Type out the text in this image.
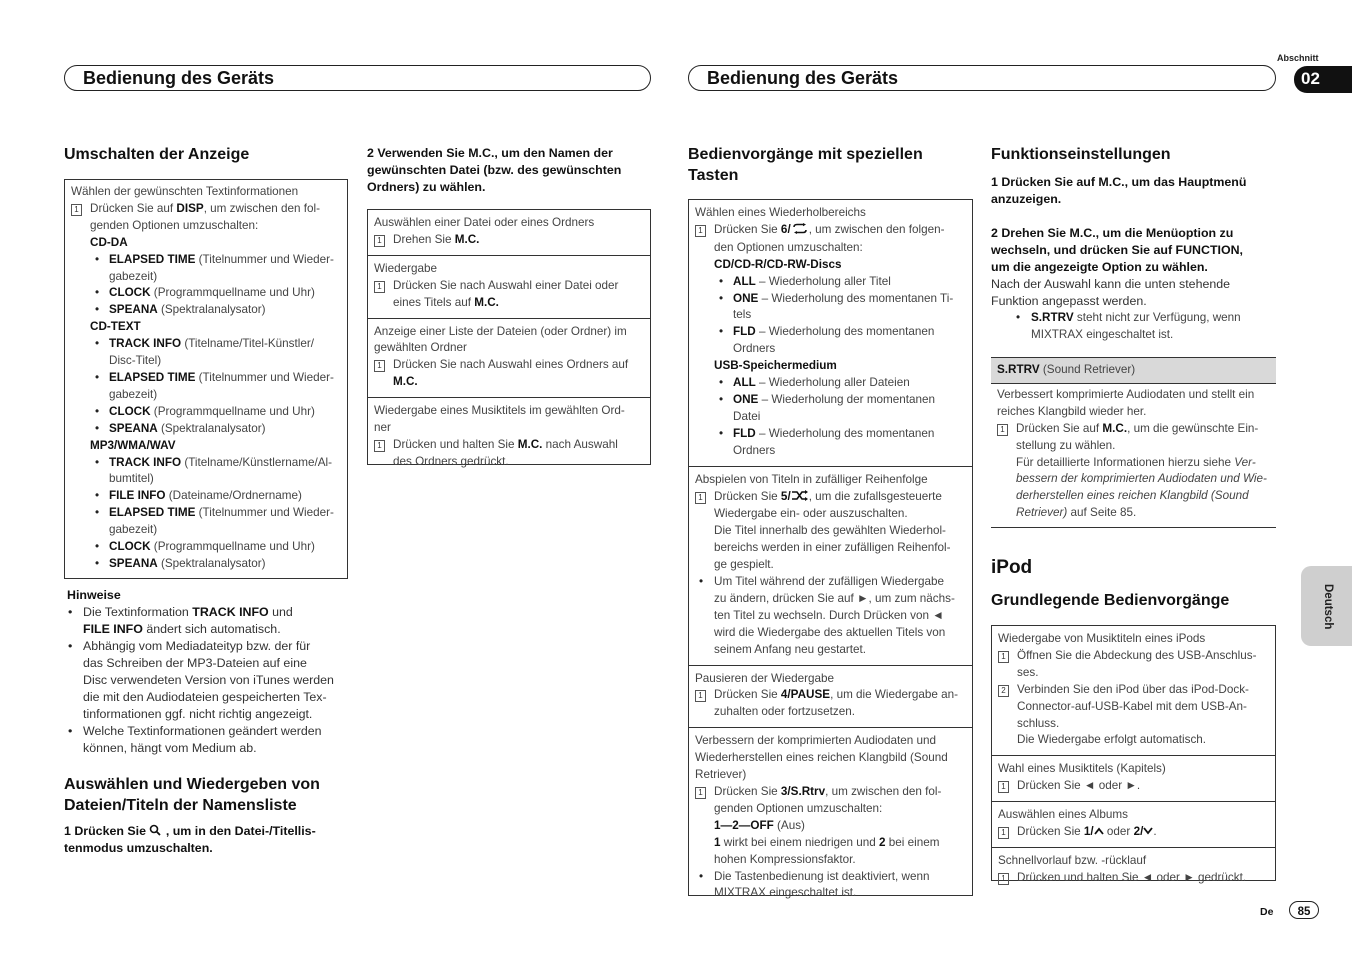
Bedienung des Geräts	Bedienung des Geräts
Abschnitt
02
Umschalten der Anzeige
Wählen der gewünschten Textinformationen
1 Drücken Sie auf DISP, um zwischen den fol-
genden Optionen umzuschalten:
CD-DA
• ELAPSED TIME (Titelnummer und Wieder-
gabezeit)
• CLOCK (Programmquellname und Uhr)
• SPEANA (Spektralanalysator)
CD-TEXT
• TRACK INFO (Titelname/Titel-Künstler/
Disc-Titel)
• ELAPSED TIME (Titelnummer und Wieder-
gabezeit)
• CLOCK (Programmquellname und Uhr)
• SPEANA (Spektralanalysator)
MP3/WMA/WAV
• TRACK INFO (Titelname/Künstlername/Al-
bumtitel)
• FILE INFO (Dateiname/Ordnername)
• ELAPSED TIME (Titelnummer und Wieder-
gabezeit)
• CLOCK (Programmquellname und Uhr)
• SPEANA (Spektralanalysator)
Hinweise
• Die Textinformation TRACK INFO und
FILE INFO ändert sich automatisch.
• Abhängig vom Mediadateityp bzw. der für
das Schreiben der MP3-Dateien auf eine
Disc verwendeten Version von iTunes werden
die mit den Audiodateien gespeicherten Tex-
tinformationen ggf. nicht richtig angezeigt.
• Welche Textinformationen geändert werden
können, hängt vom Medium ab.
Auswählen und Wiedergeben von
Dateien/Titeln der Namensliste
1 Drücken Sie  , um in den Datei-/Titellis-
tenmodus umzuschalten.
2 Verwenden Sie M.C., um den Namen der
gewünschten Datei (bzw. des gewünschten
Ordners) zu wählen.
Auswählen einer Datei oder eines Ordners
1 Drehen Sie M.C.
Wiedergabe
1 Drücken Sie nach Auswahl einer Datei oder
eines Titels auf M.C.
Anzeige einer Liste der Dateien (oder Ordner) im
gewählten Ordner
1 Drücken Sie nach Auswahl eines Ordners auf
M.C.
Wiedergabe eines Musiktitels im gewählten Ord-
ner
1 Drücken und halten Sie M.C. nach Auswahl
des Ordners gedrückt.
Bedienvorgänge mit speziellen
Tasten
Wählen eines Wiederholbereichs
1 Drücken Sie 6/ , um zwischen den folgen-
den Optionen umzuschalten:
CD/CD-R/CD-RW-Discs
• ALL – Wiederholung aller Titel
• ONE – Wiederholung des momentanen Ti-
tels
• FLD – Wiederholung des momentanen
Ordners
USB-Speichermedium
• ALL – Wiederholung aller Dateien
• ONE – Wiederholung der momentanen
Datei
• FLD – Wiederholung des momentanen
Ordners
Abspielen von Titeln in zufälliger Reihenfolge
1 Drücken Sie 5/ , um die zufallsgesteuerte
Wiedergabe ein- oder auszuschalten.
Die Titel innerhalb des gewählten Wiederhol-
bereichs werden in einer zufälligen Reihenfol-
ge gespielt.
• Um Titel während der zufälligen Wiedergabe
zu ändern, drücken Sie auf ►, um zum nächs-
ten Titel zu wechseln. Durch Drücken von ◄
wird die Wiedergabe des aktuellen Titels von
seinem Anfang neu gestartet.
Pausieren der Wiedergabe
1 Drücken Sie 4/PAUSE, um die Wiedergabe an-
zuhalten oder fortzusetzen.
Verbessern der komprimierten Audiodaten und
Wiederherstellen eines reichen Klangbild (Sound
Retriever)
1 Drücken Sie 3/S.Rtrv, um zwischen den fol-
genden Optionen umzuschalten:
1—2—OFF (Aus)
1 wirkt bei einem niedrigen und 2 bei einem
hohen Kompressionsfaktor.
• Die Tastenbedienung ist deaktiviert, wenn
MIXTRAX eingeschaltet ist.
Funktionseinstellungen
1 Drücken Sie auf M.C., um das Hauptmenü
anzuzeigen.
2 Drehen Sie M.C., um die Menüoption zu
wechseln, und drücken Sie auf FUNCTION,
um die angezeigte Option zu wählen.
Nach der Auswahl kann die unten stehende
Funktion angepasst werden.
• S.RTRV steht nicht zur Verfügung, wenn
MIXTRAX eingeschaltet ist.
S.RTRV (Sound Retriever)
Verbessert komprimierte Audiodaten und stellt ein
reiches Klangbild wieder her.
1 Drücken Sie auf M.C., um die gewünschte Ein-
stellung zu wählen.
Für detaillierte Informationen hierzu siehe Ver-
bessern der komprimierten Audiodaten und Wie-
derherstellen eines reichen Klangbild (Sound
Retriever) auf Seite 85.
iPod
Grundlegende Bedienvorgänge
Wiedergabe von Musiktiteln eines iPods
1 Öffnen Sie die Abdeckung des USB-Anschlus-
ses.
2 Verbinden Sie den iPod über das iPod-Dock-
Connector-auf-USB-Kabel mit dem USB-An-
schluss.
Die Wiedergabe erfolgt automatisch.
Wahl eines Musiktitels (Kapitels)
1 Drücken Sie ◄ oder ►.
Auswählen eines Albums
1 Drücken Sie 1/ oder 2/ .
Schnellvorlauf bzw. -rücklauf
1 Drücken und halten Sie ◄ oder ► gedrückt.
Deutsch
De	85
